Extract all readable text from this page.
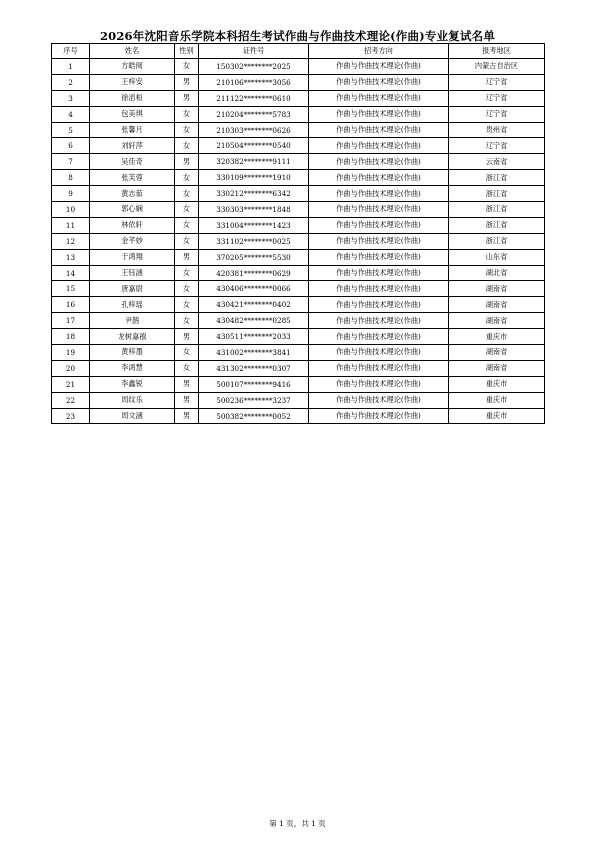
2026年沈阳音乐学院本科招生考试作曲与作曲技术理论(作曲)专业复试名单
序号	姓名	性别	证件号	招考方向	报考地区
1	方皓阅	女	150302********2025	作曲与作曲技术理论(作曲)	内蒙古自治区
2	王梓安	男	210106********3056	作曲与作曲技术理论(作曲)	辽宁省
3	徐滔桓	男	211122********0610	作曲与作曲技术理论(作曲)	辽宁省
4	包美琪	女	210204********5783	作曲与作曲技术理论(作曲)	辽宁省
5	张馨月	女	210303********0626	作曲与作曲技术理论(作曲)	贵州省
6	刘轩萍	女	210504********0540	作曲与作曲技术理论(作曲)	辽宁省
7	吴佳奇	男	320382********9111	作曲与作曲技术理论(作曲)	云南省
8	张芙蓉	女	330109********1910	作曲与作曲技术理论(作曲)	浙江省
9	黄志茹	女	330212********6342	作曲与作曲技术理论(作曲)	浙江省
10	郭心娴	女	330303********1848	作曲与作曲技术理论(作曲)	浙江省
11	林依轩	女	331004********1423	作曲与作曲技术理论(作曲)	浙江省
12	金芊妙	女	331102********0025	作曲与作曲技术理论(作曲)	浙江省
13	于鸿翔	男	370205********5530	作曲与作曲技术理论(作曲)	山东省
14	王钰涵	女	420381********0629	作曲与作曲技术理论(作曲)	湖北省
15	唐嘉尉	女	430406********0066	作曲与作曲技术理论(作曲)	湖南省
16	孔梓瑶	女	430421********0402	作曲与作曲技术理论(作曲)	湖南省
17	尹鹊	女	430482********0285	作曲与作曲技术理论(作曲)	湖南省
18	龙树嘉禧	男	430511********2033	作曲与作曲技术理论(作曲)	重庆市
19	黄梓墨	女	431002********3841	作曲与作曲技术理论(作曲)	湖南省
20	李鸿慧	女	431302********0307	作曲与作曲技术理论(作曲)	湖南省
21	李鑫锐	男	500107********9416	作曲与作曲技术理论(作曲)	重庆市
22	周纹乐	男	500236********3237	作曲与作曲技术理论(作曲)	重庆市
23	周文涵	男	500382********0052	作曲与作曲技术理论(作曲)	重庆市
第 1 页，共 1 页
